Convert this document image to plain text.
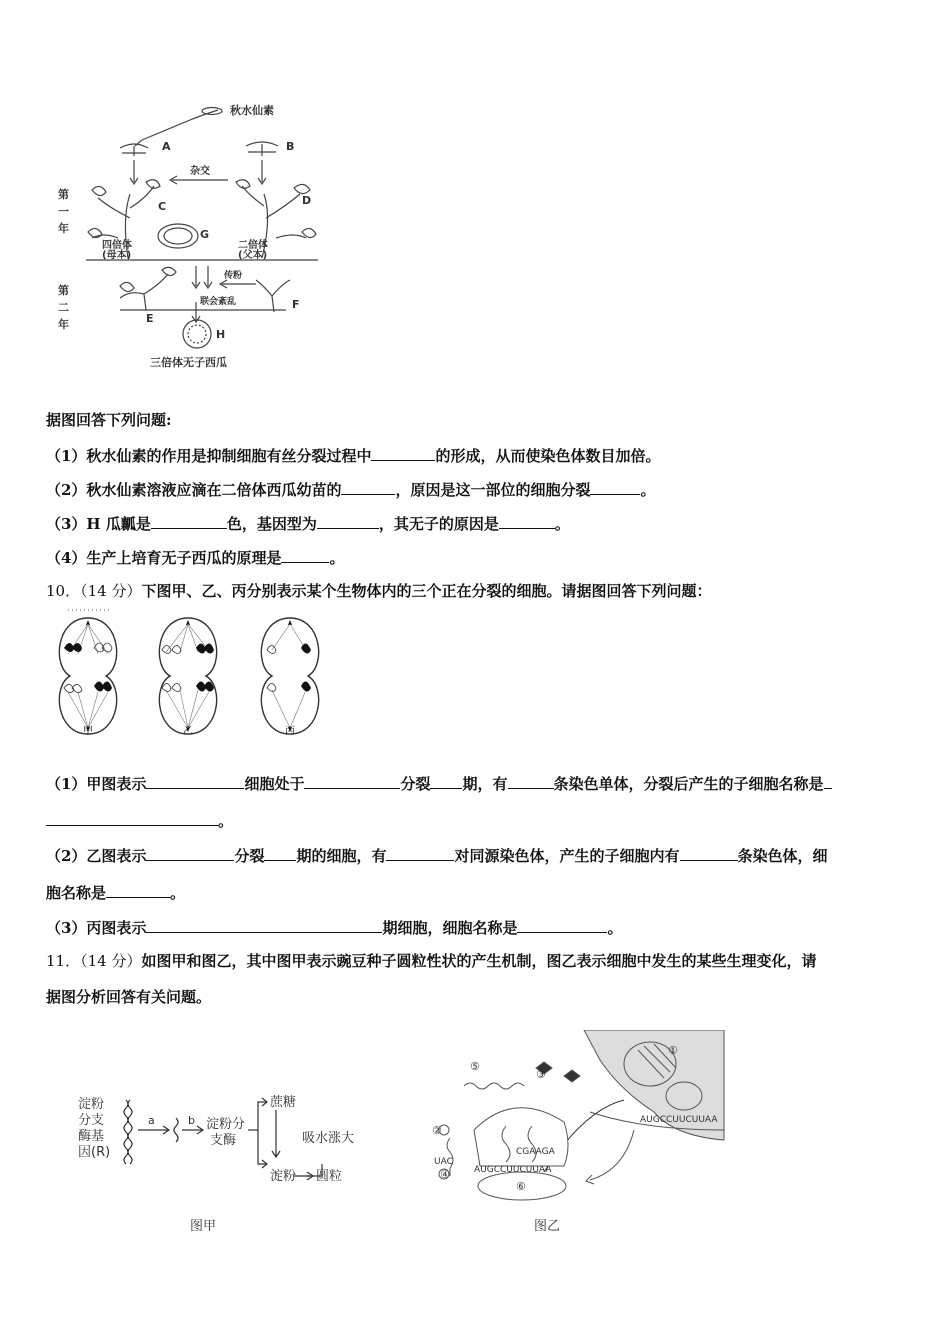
秋水仙素
A	B
杂交
C	D
G
四倍体
(母本)
二倍体
(父本)
传粉
联会紊乱
E
F
H
三倍体无子西瓜
第一年
第二年
据图回答下列问题:
（1）秋水仙素的作用是抑制细胞有丝分裂过程中	的形成，从而使染色体数目加倍。
（2）秋水仙素溶液应滴在二倍体西瓜幼苗的	，原因是这一部位的细胞分裂	。
（3）H 瓜瓤是	色，基因型为	，其无子的原因是	。
（4）生产上培育无子西瓜的原理是	。
10．（14 分）下图甲、乙、丙分别表示某个生物体内的三个正在分裂的细胞。请据图回答下列问题：
甲	乙	丙
（1）甲图表示	细胞处于	分裂 期，有	条染色单体，分裂后产生的子细胞名称是
。
（2）乙图表示	分裂 期的细胞，有	对同源染色体，产生的子细胞内有	条染色体，细
胞名称是	。
（3）丙图表示	期细胞，细胞名称是	。
11．（14 分）如图甲和图乙，其中图甲表示豌豆种子圆粒性状的产生机制，图乙表示细胞中发生的某些生理变化，请
据图分析回答有关问题。
淀粉
分支
酶基
因(R)
a	b 淀粉分
支酶
蔗糖
吸水涨大
淀粉 圆粒
图甲
⑤
②
③
①
④
⑥
AUGCCUUCUUAA
CGAAGA
AUGCCUUCUUAA
UAC
图乙
